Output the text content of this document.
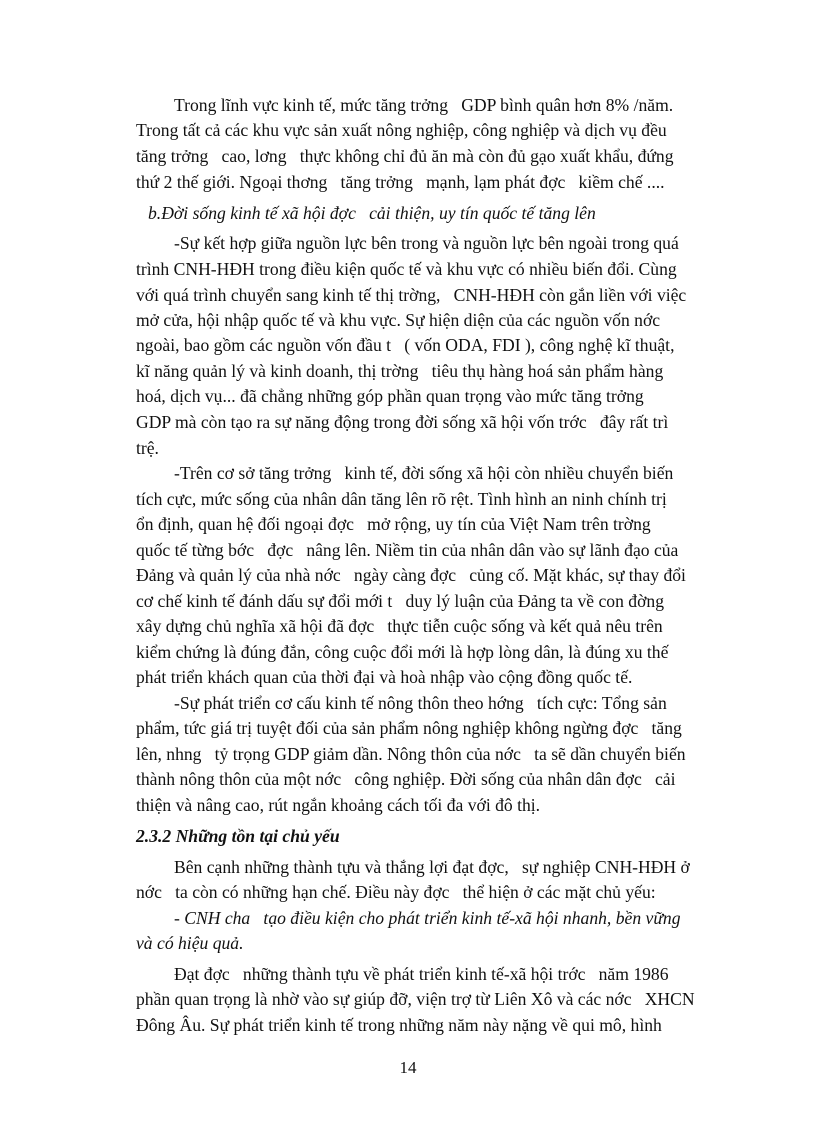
Trong lĩnh vực kinh tế, mức tăng trởng   GDP bình quân hơn 8% /năm.
Trong tất cả các khu vực sản xuất nông nghiệp, công nghiệp và dịch vụ đều
tăng trởng   cao, lơng   thực không chỉ đủ ăn mà còn đủ gạo xuất khẩu, đứng
thứ 2 thế giới. Ngoại thơng   tăng trởng   mạnh, lạm phát đợc   kiềm chế ....
b.Đời sống kinh tế xã hội đợc   cải thiện, uy tín quốc tế tăng lên
-Sự kết hợp giữa nguồn lực bên trong và nguồn lực bên ngoài trong quá
trình CNH-HĐH trong điều kiện quốc tế và khu vực có nhiều biến đổi. Cùng
với quá trình chuyển sang kinh tế thị trờng,   CNH-HĐH còn gắn liền với việc
mở cửa, hội nhập quốc tế và khu vực. Sự hiện diện của các nguồn vốn nớc
ngoài, bao gồm các nguồn vốn đầu t   ( vốn ODA, FDI ), công nghệ kĩ thuật,
kĩ năng quản lý và kinh doanh, thị trờng   tiêu thụ hàng hoá sản phẩm hàng
hoá, dịch vụ... đã chẳng những góp phần quan trọng vào mức tăng trởng
GDP mà còn tạo ra sự năng động trong đời sống xã hội vốn trớc   đây rất trì
trệ.
-Trên cơ sở tăng trởng   kinh tế, đời sống xã hội còn nhiều chuyển biến
tích cực, mức sống của nhân dân tăng lên rõ rệt. Tình hình an ninh chính trị
ổn định, quan hệ đối ngoại đợc   mở rộng, uy tín của Việt Nam trên trờng
quốc tế từng bớc   đợc   nâng lên. Niềm tin của nhân dân vào sự lãnh đạo của
Đảng và quản lý của nhà nớc   ngày càng đợc   củng cố. Mặt khác, sự thay đổi
cơ chế kinh tế đánh dấu sự đổi mới t   duy lý luận của Đảng ta về con đờng
xây dựng chủ nghĩa xã hội đã đợc   thực tiễn cuộc sống và kết quả nêu trên
kiểm chứng là đúng đắn, công cuộc đổi mới là hợp lòng dân, là đúng xu thế
phát triển khách quan của thời đại và hoà nhập vào cộng đồng quốc tế.
-Sự phát triển cơ cấu kinh tế nông thôn theo hớng   tích cực: Tổng sản
phẩm, tức giá trị tuyệt đối của sản phẩm nông nghiệp không ngừng đợc   tăng
lên, nhng   tỷ trọng GDP giảm dần. Nông thôn của nớc   ta sẽ dần chuyển biến
thành nông thôn của một nớc   công nghiệp. Đời sống của nhân dân đợc   cải
thiện và nâng cao, rút ngắn khoảng cách tối đa với đô thị.
2.3.2 Những tồn tại chủ yếu
Bên cạnh những thành tựu và thắng lợi đạt đợc,   sự nghiệp CNH-HĐH ở
nớc   ta còn có những hạn chế. Điều này đợc   thể hiện ở các mặt chủ yếu:
- CNH cha   tạo điều kiện cho phát triển kinh tế-xã hội nhanh, bền vững
và có hiệu quả.
Đạt đợc   những thành tựu về phát triển kinh tế-xã hội trớc   năm 1986
phần quan trọng là nhờ vào sự giúp đỡ, viện trợ từ Liên Xô và các nớc   XHCN
Đông Âu. Sự phát triển kinh tế trong những năm này nặng về qui mô, hình
14
